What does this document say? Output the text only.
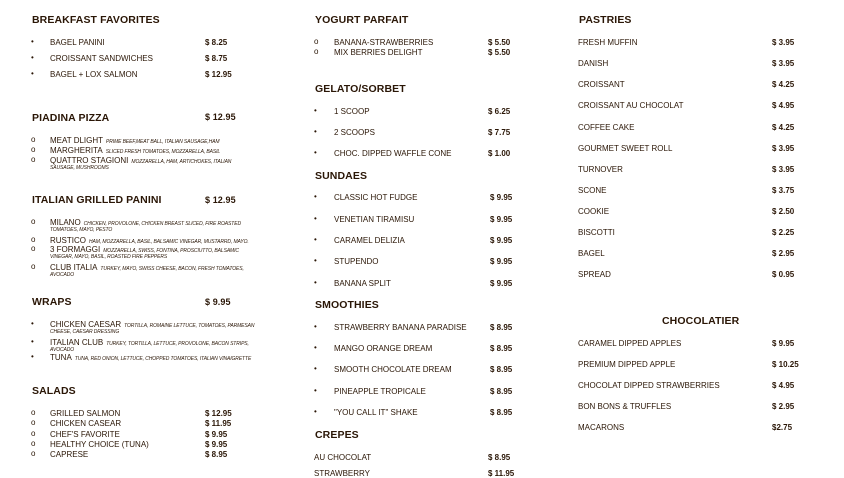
BREAKFAST FAVORITES
• BAGEL PANINI	$ 8.25
• CROISSANT SANDWICHES	$ 8.75
• BAGEL + LOX SALMON	$ 12.95
PIADINA PIZZA	$ 12.95
o MEAT DLIGHT PRIME BEEF,MEAT BALL, ITALIAN SAUSAGE,HAM
o MARGHERITA SLICED FRESH TOMATOES, MOZZARELLA, BASIL
o QUATTRO STAGIONI MOZZARELLA, HAM, ARTICHOKES, ITALIAN
SAUSAGE, MUSHROOMS
ITALIAN GRILLED PANINI	$ 12.95
o MILANO CHICKEN, PROVOLONE, CHICKEN BREAST SLICED, FIRE ROASTED
TOMATOES, MAYO, PESTO
o RUSTICO HAM, MOZZARELLA, BASIL, BALSAMIC VINEGAR, MUSTARRD, MAYO.
o 3 FORMAGGI MOZZARELLA, SWISS, FONTINA, PROSCIUTTO, BALSAMIC
VINEGAR, MAYO, BASIL, ROASTED FIRE PEPPERS
o CLUB ITALIA TURKEY, MAYO, SWISS CHEESE, BACON, FRESH TOMATOES,
AVOCADO
WRAPS	$ 9.95
• CHICKEN CAESAR TORTILLA, ROMAINE LETTUCE, TOMATOES, PARMESAN
CHEESE, CAESAR DRESSING
• ITALIAN CLUB TURKEY, TORTILLA, LETTUCE, PROVOLONE, BACON STRIPS,
AVOCADO
• TUNA TUNA, RED ONION, LETTUCE, CHOPPED TOMATOES, ITALIAN VINAIGRETTE
SALADS
o GRILLED SALMON	$ 12.95
o CHICKEN CASEAR	$ 11.95
o CHEF'S FAVORITE	$ 9.95
o HEALTHY CHOICE (TUNA)	$ 9.95
o CAPRESE	$ 8.95
YOGURT PARFAIT
o BANANA-STRAWBERRIES	$ 5.50
o MIX BERRIES DELIGHT	$ 5.50
GELATO/SORBET
• 1 SCOOP	$ 6.25
• 2 SCOOPS	$ 7.75
• CHOC. DIPPED WAFFLE CONE	$ 1.00
SUNDAES
• CLASSIC HOT FUDGE	$ 9.95
• VENETIAN TIRAMISU	$ 9.95
• CARAMEL DELIZIA	$ 9.95
• STUPENDO	$ 9.95
• BANANA SPLIT	$ 9.95
SMOOTHIES
• STRAWBERRY BANANA PARADISE	$ 8.95
• MANGO ORANGE DREAM	$ 8.95
• SMOOTH CHOCOLATE DREAM	$ 8.95
• PINEAPPLE TROPICALE	$ 8.95
• "YOU CALL IT" SHAKE	$ 8.95
CREPES
AU CHOCOLAT	$ 8.95
STRAWBERRY	$ 11.95
PASTRIES
FRESH MUFFIN	$ 3.95
DANISH	$ 3.95
CROISSANT	$ 4.25
CROISSANT AU CHOCOLAT	$ 4.95
COFFEE CAKE	$ 4.25
GOURMET SWEET ROLL	$ 3.95
TURNOVER	$ 3.95
SCONE	$ 3.75
COOKIE	$ 2.50
BISCOTTI	$ 2.25
BAGEL	$ 2.95
SPREAD	$ 0.95
CHOCOLATIER
CARAMEL DIPPED APPLES	$ 9.95
PREMIUM DIPPED APPLE	$ 10.25
CHOCOLAT DIPPED STRAWBERRIES	$ 4.95
BON BONS & TRUFFLES	$ 2.95
MACARONS	$2.75
